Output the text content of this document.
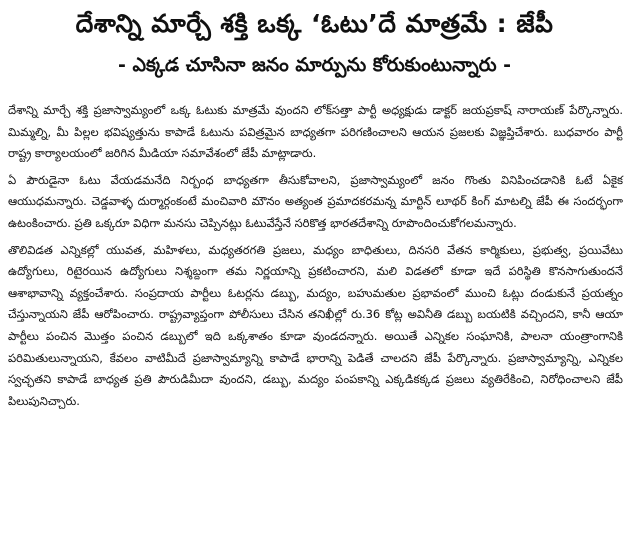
దేశాన్ని మార్చే శక్తి ఒక్క ‘ఓటు’దే మాత్రమే : జేపీ
- ఎక్కడ చూసినా జనం మార్పును కోరుకుంటున్నారు -

దేశాన్ని మార్చే శక్తి ప్రజాస్వామ్యంలో ఒక్క ఓటుకు మాత్రమే వుందని లోక్‌సత్తా పార్టీ అధ్యక్షుడు డాక్టర్ జయప్రకాష్ నారాయణ్ పేర్కొన్నారు. మిమ్మల్ని, మీ పిల్లల భవిష్యత్తును కాపాడే ఓటును పవిత్రమైన బాధ్యతగా పరిగణించాలని ఆయన ప్రజలకు విజ్ఞప్తిచేశారు. బుధవారం పార్టీ రాష్ట్ర కార్యాలయంలో జరిగిన మీడియా సమావేశంలో జేపీ మాట్లాడారు.

ఏ పౌరుడైనా ఓటు వేయడమనేది నిర్బంధ బాధ్యతగా తీసుకోవాలని, ప్రజాస్వామ్యంలో జనం గొంతు వినిపించడానికి ఓటే ఏకైక ఆయుధమన్నారు. చెడ్డవాళ్ళ దుర్మార్గంకంటే మంచివారి మౌనం అత్యంత ప్రమాదకరమన్న మార్టిన్ లూథర్ కింగ్ మాటల్ని జేపీ ఈ సందర్భంగా ఉటంకించారు. ప్రతి ఒక్కరూ విధిగా మనసు చెప్పినట్లు ఓటువేస్తేనే సరికొత్త భారతదేశాన్ని రూపొందించుకోగలమన్నారు.

తొలివిడత ఎన్నికల్లో యువత, మహిళలు, మధ్యతరగతి ప్రజలు, మధ్యం బాధితులు, దినసరి వేతన కార్మికులు, ప్రభుత్వ, ప్రయివేటు ఉద్యోగులు, రిటైరయిన ఉద్యోగులు నిశ్శబ్దంగా తమ నిర్ణయాన్ని ప్రకటించారని, మలి విడతలో కూడా ఇదే పరిస్థితి కొనసాగుతుందనే ఆశాభావాన్ని వ్యక్తంచేశారు. సంప్రదాయ పార్టీలు ఓటర్లను డబ్బు, మద్యం, బహుమతుల ప్రభావంలో ముంచి ఓట్లు దండుకునే ప్రయత్నం చేస్తున్నాయని జేపీ ఆరోపించారు. రాష్ట్రవ్యాప్తంగా పోలీసులు చేసిన తనిఖీల్లో రు.36 కోట్ల అవినీతి డబ్బు బయటికి వచ్చిందని, కానీ ఆయా పార్టీలు పంచిన మొత్తం పంచిన డబ్బులో ఇది ఒక్కశాతం కూడా వుండదన్నారు. అయితే ఎన్నికల సంఘానికి, పాలనా యంత్రాంగానికి పరిమితులున్నాయని, కేవలం వాటిమీదే ప్రజాస్వామ్యాన్ని కాపాడే భారాన్ని పెడితే చాలదని జేపీ పేర్కొన్నారు. ప్రజాస్వామ్యాన్ని, ఎన్నికల స్వచ్ఛతని కాపాడే బాధ్యత ప్రతి పౌరుడిమీదా వుందని, డబ్బు, మద్యం పంపకాన్ని ఎక్కడికక్కడ ప్రజలు వ్యతిరేకించి, నిరోధించాలని జేపీ పిలుపునిచ్చారు.
